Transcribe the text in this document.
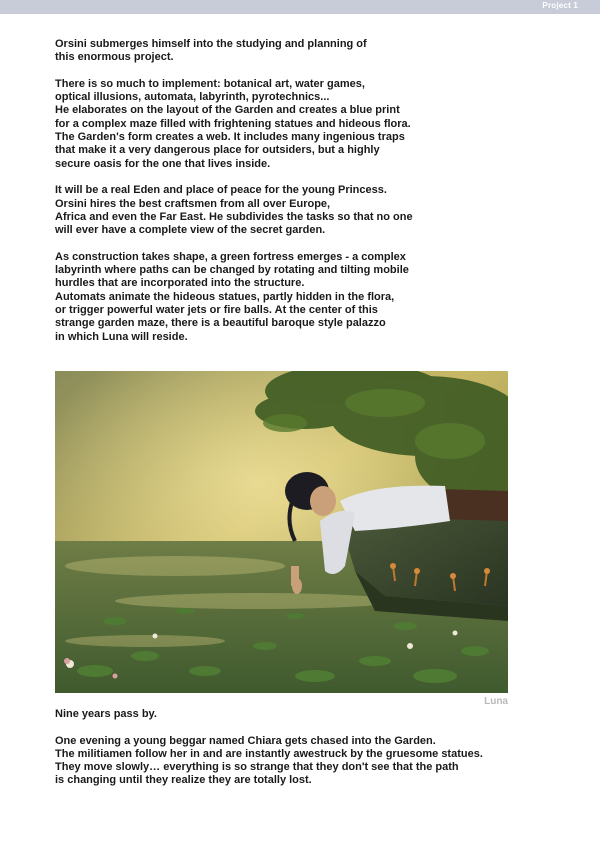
Project 1

Orsini submerges himself into the studying and planning of
this enormous project.

There is so much to implement: botanical art, water games,
optical illusions, automata, labyrinth, pyrotechnics...
He elaborates on the layout of the Garden and creates a blue print
for a complex maze filled with frightening statues and hideous flora.
The Garden's form creates a web. It includes many ingenious traps
that make it a very dangerous place for outsiders, but a highly
secure oasis for the one that lives inside.

It will be a real Eden and place of peace for the young Princess.
Orsini hires the best craftsmen from all over Europe,
Africa and even the Far East. He subdivides the tasks so that no one
will ever have a complete view of the secret garden.

As construction takes shape, a green fortress emerges - a complex
labyrinth where paths can be changed by rotating and tilting mobile
hurdles that are incorporated into the structure.
Automats animate the hideous statues, partly hidden in the flora,
or trigger powerful water jets or fire balls. At the center of this
strange garden maze, there is a beautiful baroque style palazzo
in which Luna will reside.

Luna

Nine years pass by.

One evening a young beggar named Chiara gets chased into the Garden.
The militiamen follow her in and are instantly awestruck by the gruesome statues.
They move slowly… everything is so strange that they don't see that the path
is changing until they realize they are totally lost.
